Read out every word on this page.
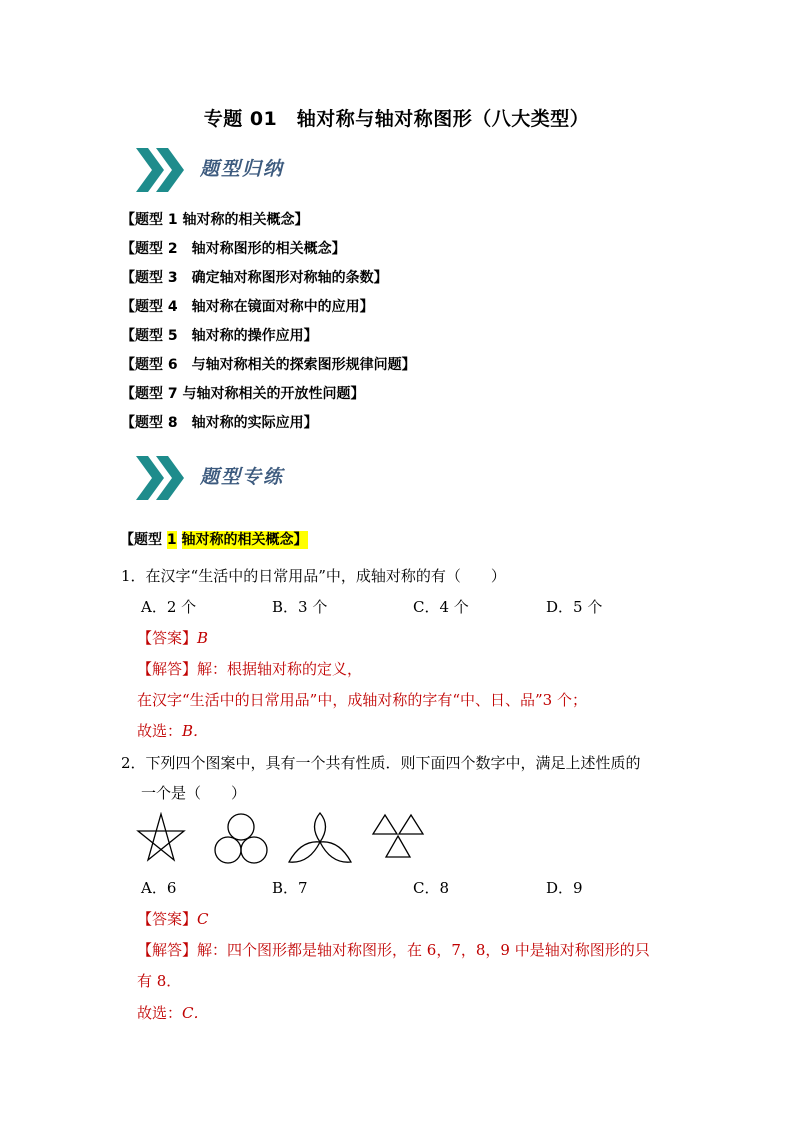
专题 01　轴对称与轴对称图形（八大类型）
题型归纳
【题型 1 轴对称的相关概念】
【题型 2　轴对称图形的相关概念】
【题型 3　确定轴对称图形对称轴的条数】
【题型 4　轴对称在镜面对称中的应用】
【题型 5　轴对称的操作应用】
【题型 6　与轴对称相关的探索图形规律问题】
【题型 7 与轴对称相关的开放性问题】
【题型 8　轴对称的实际应用】
题型专练
【题型 1 轴对称的相关概念】
1．在汉字“生活中的日常用品”中，成轴对称的有（　　）
A．2 个	B．3 个	C．4 个	D．5 个
【答案】B
【解答】解：根据轴对称的定义，
在汉字“生活中的日常用品”中，成轴对称的字有“中、日、品”3 个；
故选：B．
2．下列四个图案中，具有一个共有性质．则下面四个数字中，满足上述性质的
一个是（　　）
A．6	B．7	C．8	D．9
【答案】C
【解答】解：四个图形都是轴对称图形，在 6，7，8，9 中是轴对称图形的只
有 8．
故选：C．
